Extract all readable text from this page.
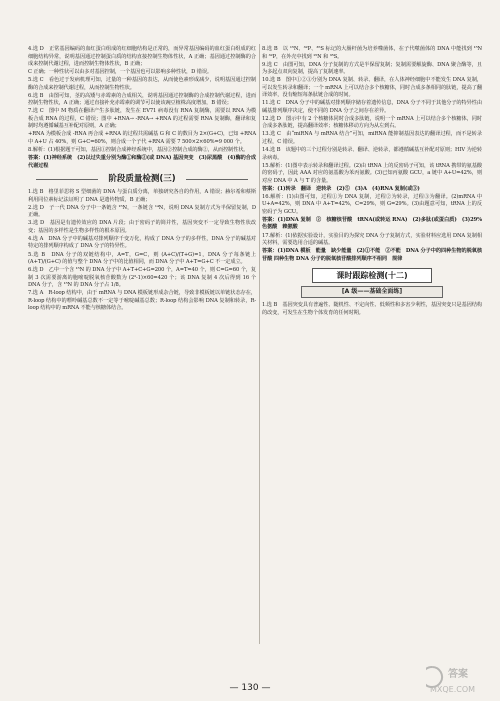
4.选 D　正常基因编码的血红蛋白组成的红细胞结构是正常的，而异常基因编码的血红蛋白组成的红细胞结构异常，说明基因通过控制蛋白质的结构直接控制生物体性状，A 正确；基因通过控制酶的合成来控制代谢过程，进而控制生物体性状，B 正确；

C 正确；一种性状可以由多对基因控制，一个基因也可以影响多种性状，D 错误。

5.选 C　看色过于发病机理可知，过量的一种基因的表达，从而使色素形成减少，说明基因通过控制酶的合成来控制代谢过程，从而控制生物性状。

6.选 B　由图可知，茎的高矮与赤霉素的合成相关，说明基因通过控制酶的合成控制代谢过程，进而控制生物性状，A 正确；通过直接补充赤霉素的调节可以使该豌豆植株高度增加，B 错误；

7.选 C　图中 M 物质在翻译产生多肽链，发生在 EV71 病毒没有 RNA 复制酶，需要以 RNA 为模板合成 RNA 的过程，C 错误；图中 +RNA→ -RNA→ +RNA 的过程需要 RNA 复制酶，翻译和复制时均遵循碱基互补配对原则，A 正确；

+RNA 为模板合成 -RNA 再合成 +RNA 的过程共需碱基 G 和 C 的数目为 2×(G+C)，已知 +RNA 中 A+U 占 40%，则 G+C=60%，则合成一个子代 +RNA 需要 7 500×2×60%=9 000 个。

8.解析：(1)根据题干可知，基因①控制合成神经系统中，基因②控制合成的酶②，从而控制性状。

答案：(1)神经系统　(2)以过失重分别为酶①和酶②(或 DNA) 基因突变　(3)尿黑酸　(4)酶的合成　代谢过程

阶段质量检测(三)

1.选 B　格里菲思将 S 型细菌的 DNA 与蛋白质分离，单独研究各自的作用，A 错误；赫尔希和蔡斯利用同位素标记法证明了 DNA 是遗传物质，B 正确；

2.选 D　子一代 DNA 分子中一条链含 ¹⁵N，一条链含 ¹⁴N，说明 DNA 复制方式为半保留复制，D 正确。

3.选 D　基因是有遗传效应的 DNA 片段；由于密码子的简并性，基因突变不一定导致生物性状改变；基因的多样性是生物多样性的根本原因。

4.选 A　DNA 分子中的碱基对排列顺序千变万化，构成了 DNA 分子的多样性，DNA 分子的碱基对特定的排列顺序构成了 DNA 分子的特异性。

5.选 B　DNA 分子的双链结构中，A=T，G=C，则 (A+C)/(T+G)=1，DNA 分子每条链上 (A+T)/(G+C) 的值与整个 DNA 分子中的比值相同，而 DNA 分子中 A+T=G+C 不一定成立。

6.选 D　乙中一个含 ¹⁵N 的 DNA 分子中 A+T+C+G=200 个，A=T=40 个，则 C=G=60 个，复制 3 次需要游离的胞嘧啶脱氧核苷酸数为 (2³-1)×60=420 个；该 DNA 复制 4 次后得到 16 个 DNA 分子，含 ¹⁵N 的 DNA 分子占 1/8。

7.选 A　R-loop 结构中，由于 mRNA 与 DNA 模板链形成杂合链，导致非模板链以单链状态存在，R-loop 结构中的嘌呤碱基总数不一定等于嘧啶碱基总数；R-loop 结构会影响 DNA 复制和转录，R-loop 结构中的 mRNA 不能与核糖体结合。

8.选 B　以 ¹⁵N、³²P、³⁵S 标记的大肠杆菌为培养噬菌体，在子代噬菌体的 DNA 中能找到 ¹⁵N 和 ³²P，在外壳中找到 ¹⁵N 和 ³⁵S。

9.选 C　由图可知，DNA 分子复制的方式是半保留复制；复制需要解旋酶、DNA 聚合酶等，且为多起点双向复制，提高了复制速率。

10.选 B　图中①②③分别为 DNA 复制、转录、翻译，在人体神经细胞中不能发生 DNA 复制，可以发生转录和翻译；一个 mRNA 上可以结合多个核糖体，同时合成多条相同的肽链，提高了翻译效率，没有缩短每条肽链合成的时间。

11.选 C　DNA 分子中的碱基对排列顺序储存着遗传信息，DNA 分子不同于其他分子的特异性由碱基排列顺序决定，使不同的 DNA 分子之间存在差异。

12.选 D　图示中有 2 个核糖体同时合成多肽链，说明一个 mRNA 上可以结合多个核糖体，同时合成多条肽链，提高翻译效率；核糖体移动方向为从左到右。

13.选 C　由“miRNA 与 mRNA 结合”可知，miRNA 能抑制基因表达的翻译过程，而不是转录过程，C 错误。

14.选 B　该题中的三个过程分别是转录、翻译、逆转录，都遵循碱基互补配对原则；HIV 为逆转录病毒。

15.解析：(1)图中表示转录和翻译过程。(2)由 tRNA 上的反密码子可知，该 tRNA 携带的氨基酸的密码子，因此 AAA 对应的氨基酸为苯丙氨酸。(3)已知丙氨酸 GCU，a 链中 A+U=42%，则对应 DNA 中 A 与 T 的含量。

答案：(1)转录　翻译　逆转录　(2)⑤　(3)A　(4)RNA 复制(或③)

16.解析：(1)由图可知，过程①为 DNA 复制，过程②为转录，过程③为翻译。(2)mRNA 中 U+A=42%，则 DNA 中 A+T=42%，C=29%，则 G=29%。(3)由题意可知，tRNA 上的反密码子为 GCU。

答案：(1)DNA 复制　②　核糖核苷酸　tRNA(或转运 RNA)　(2)多肽(或蛋白质)　(3)29%　色氨酸　赖氨酸

17.解析：(1)依据实验设计，实验目的为探究 DNA 分子复制方式，实验材料应选用 DNA 复制相关材料，需要选用合适的碱基。

答案：(1)DNA 模板　能量　缺少能量　(2)①不能　②不能　DNA 分子中的四种生物的脱氧核苷酸 四种生物 DNA 分子的脱氧核苷酸排列顺序不相同　规律

课时跟踪检测(十二)
[A 级——基础全面练]

1.选 B　基因突变具有普遍性、随机性、不定向性、低频性和多害少利性，基因突变只是基因结构的改变，可发生在生物个体发育的任何时期。

— 130 —
答案
MXQE.COM
